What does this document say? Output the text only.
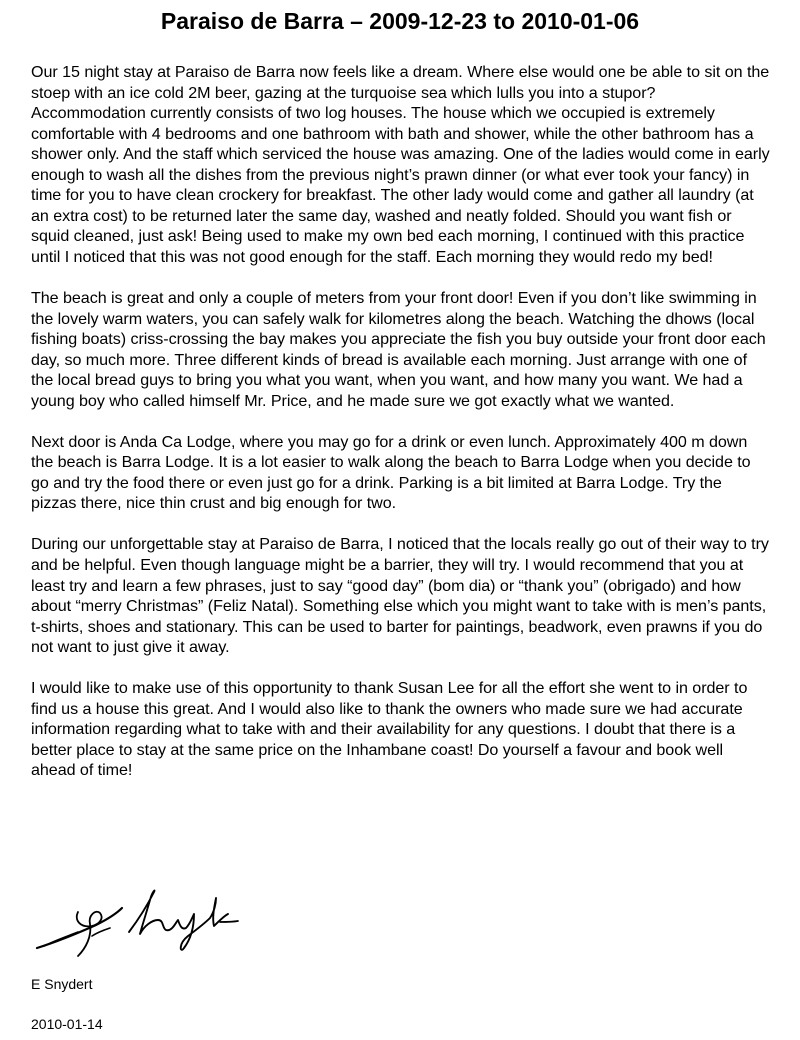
Paraiso de Barra – 2009-12-23 to 2010-01-06

Our 15 night stay at Paraiso de Barra now feels like a dream. Where else would one be able to sit on the stoep with an ice cold 2M beer, gazing at the turquoise sea which lulls you into a stupor? Accommodation currently consists of two log houses. The house which we occupied is extremely comfortable with 4 bedrooms and one bathroom with bath and shower, while the other bathroom has a shower only. And the staff which serviced the house was amazing. One of the ladies would come in early enough to wash all the dishes from the previous night’s prawn dinner (or what ever took your fancy) in time for you to have clean crockery for breakfast. The other lady would come and gather all laundry (at an extra cost) to be returned later the same day, washed and neatly folded. Should you want fish or squid cleaned, just ask! Being used to make my own bed each morning, I continued with this practice until I noticed that this was not good enough for the staff. Each morning they would redo my bed!

The beach is great and only a couple of meters from your front door! Even if you don’t like swimming in the lovely warm waters, you can safely walk for kilometres along the beach. Watching the dhows (local fishing boats) criss-crossing the bay makes you appreciate the fish you buy outside your front door each day, so much more. Three different kinds of bread is available each morning. Just arrange with one of the local bread guys to bring you what you want, when you want, and how many you want. We had a young boy who called himself Mr. Price, and he made sure we got exactly what we wanted.

Next door is Anda Ca Lodge, where you may go for a drink or even lunch. Approximately 400 m down the beach is Barra Lodge. It is a lot easier to walk along the beach to Barra Lodge when you decide to go and try the food there or even just go for a drink. Parking is a bit limited at Barra Lodge. Try the pizzas there, nice thin crust and big enough for two.

During our unforgettable stay at Paraiso de Barra, I noticed that the locals really go out of their way to try and be helpful. Even though language might be a barrier, they will try. I would recommend that you at least try and learn a few phrases, just to say “good day” (bom dia) or “thank you” (obrigado) and how about “merry Christmas” (Feliz Natal). Something else which you might want to take with is men’s pants, t-shirts, shoes and stationary. This can be used to barter for paintings, beadwork, even prawns if you do not want to just give it away.

I would like to make use of this opportunity to thank Susan Lee for all the effort she went to in order to find us a house this great. And I would also like to thank the owners who made sure we had accurate information regarding what to take with and their availability for any questions. I doubt that there is a better place to stay at the same price on the Inhambane coast! Do yourself a favour and book well ahead of time!

E Snydert
2010-01-14
